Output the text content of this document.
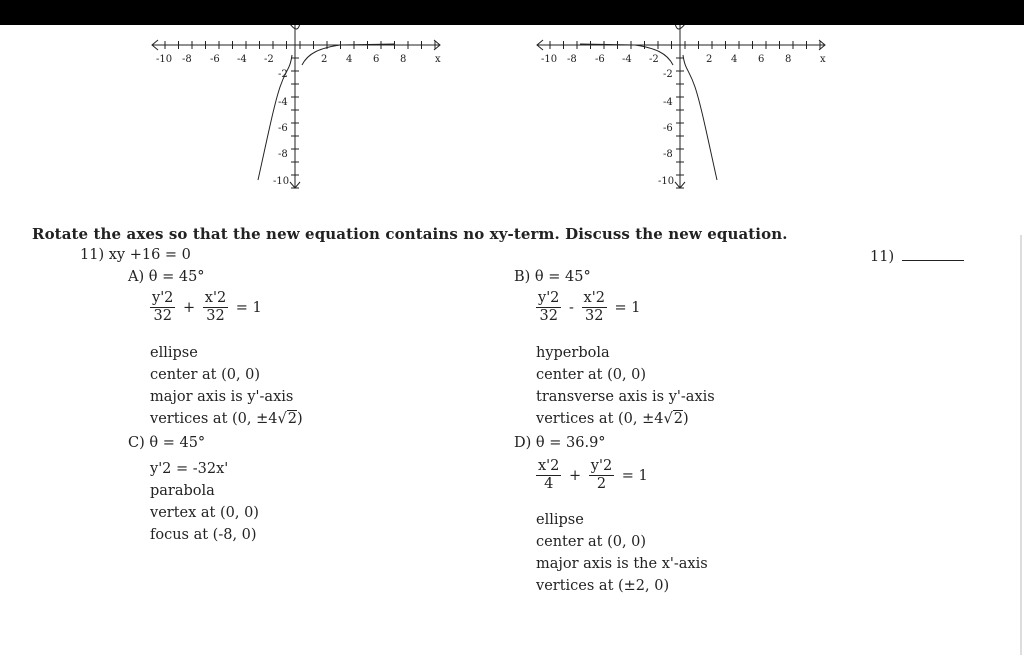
-10 -8 -6 -4 -2	2 4 6 8	x
-2
-4
-6
-8
-10
-10 -8 -6 -4 -2	2 4 6 8	x
-2
-4
-6
-8
-10
Rotate the axes so that the new equation contains no xy-term. Discuss the new equation.
11) xy +16 = 0	11)
A) θ = 45°
$\frac{y'2}{32} + \frac{x'2}{32} = 1$
ellipse
center at (0, 0)
major axis is y'-axis
vertices at (0, ±4√2)
B) θ = 45°
$\frac{y'2}{32} - \frac{x'2}{32} = 1$
hyperbola
center at (0, 0)
transverse axis is y'-axis
vertices at (0, ±4√2)
C) θ = 45°
y'2 = -32x'
parabola
vertex at (0, 0)
focus at (-8, 0)
D) θ = 36.9°
$\frac{x'2}{4} + \frac{y'2}{2} = 1$
ellipse
center at (0, 0)
major axis is the x'-axis
vertices at (±2, 0)
